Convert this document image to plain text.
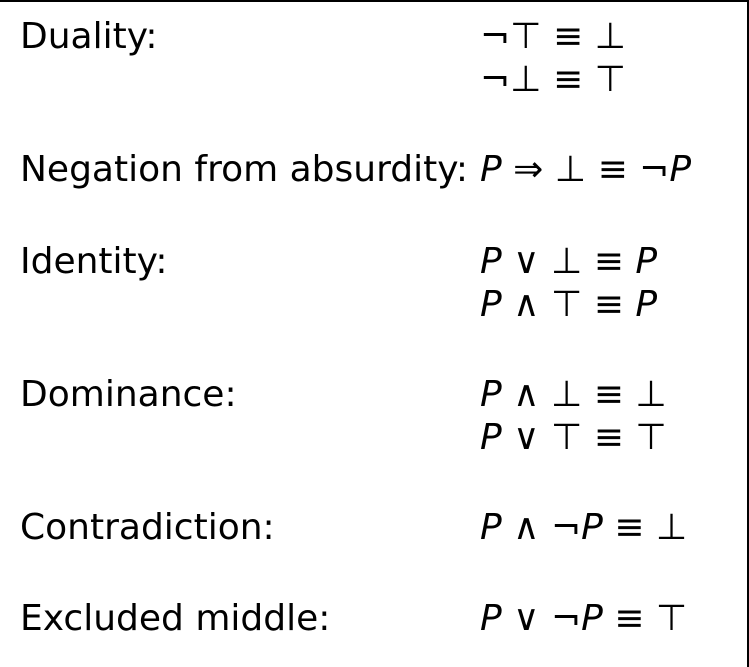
Duality:	¬⊤ ≡ ⊥
¬⊥ ≡ ⊤
Negation from absurdity: P ⇒ ⊥ ≡ ¬P
Identity:	P ∨ ⊥ ≡ P
P ∧ ⊤ ≡ P
Dominance:	P ∧ ⊥ ≡ ⊥
P ∨ ⊤ ≡ ⊤
Contradiction:	P ∧ ¬P ≡ ⊥
Excluded middle:	P ∨ ¬P ≡ ⊤
